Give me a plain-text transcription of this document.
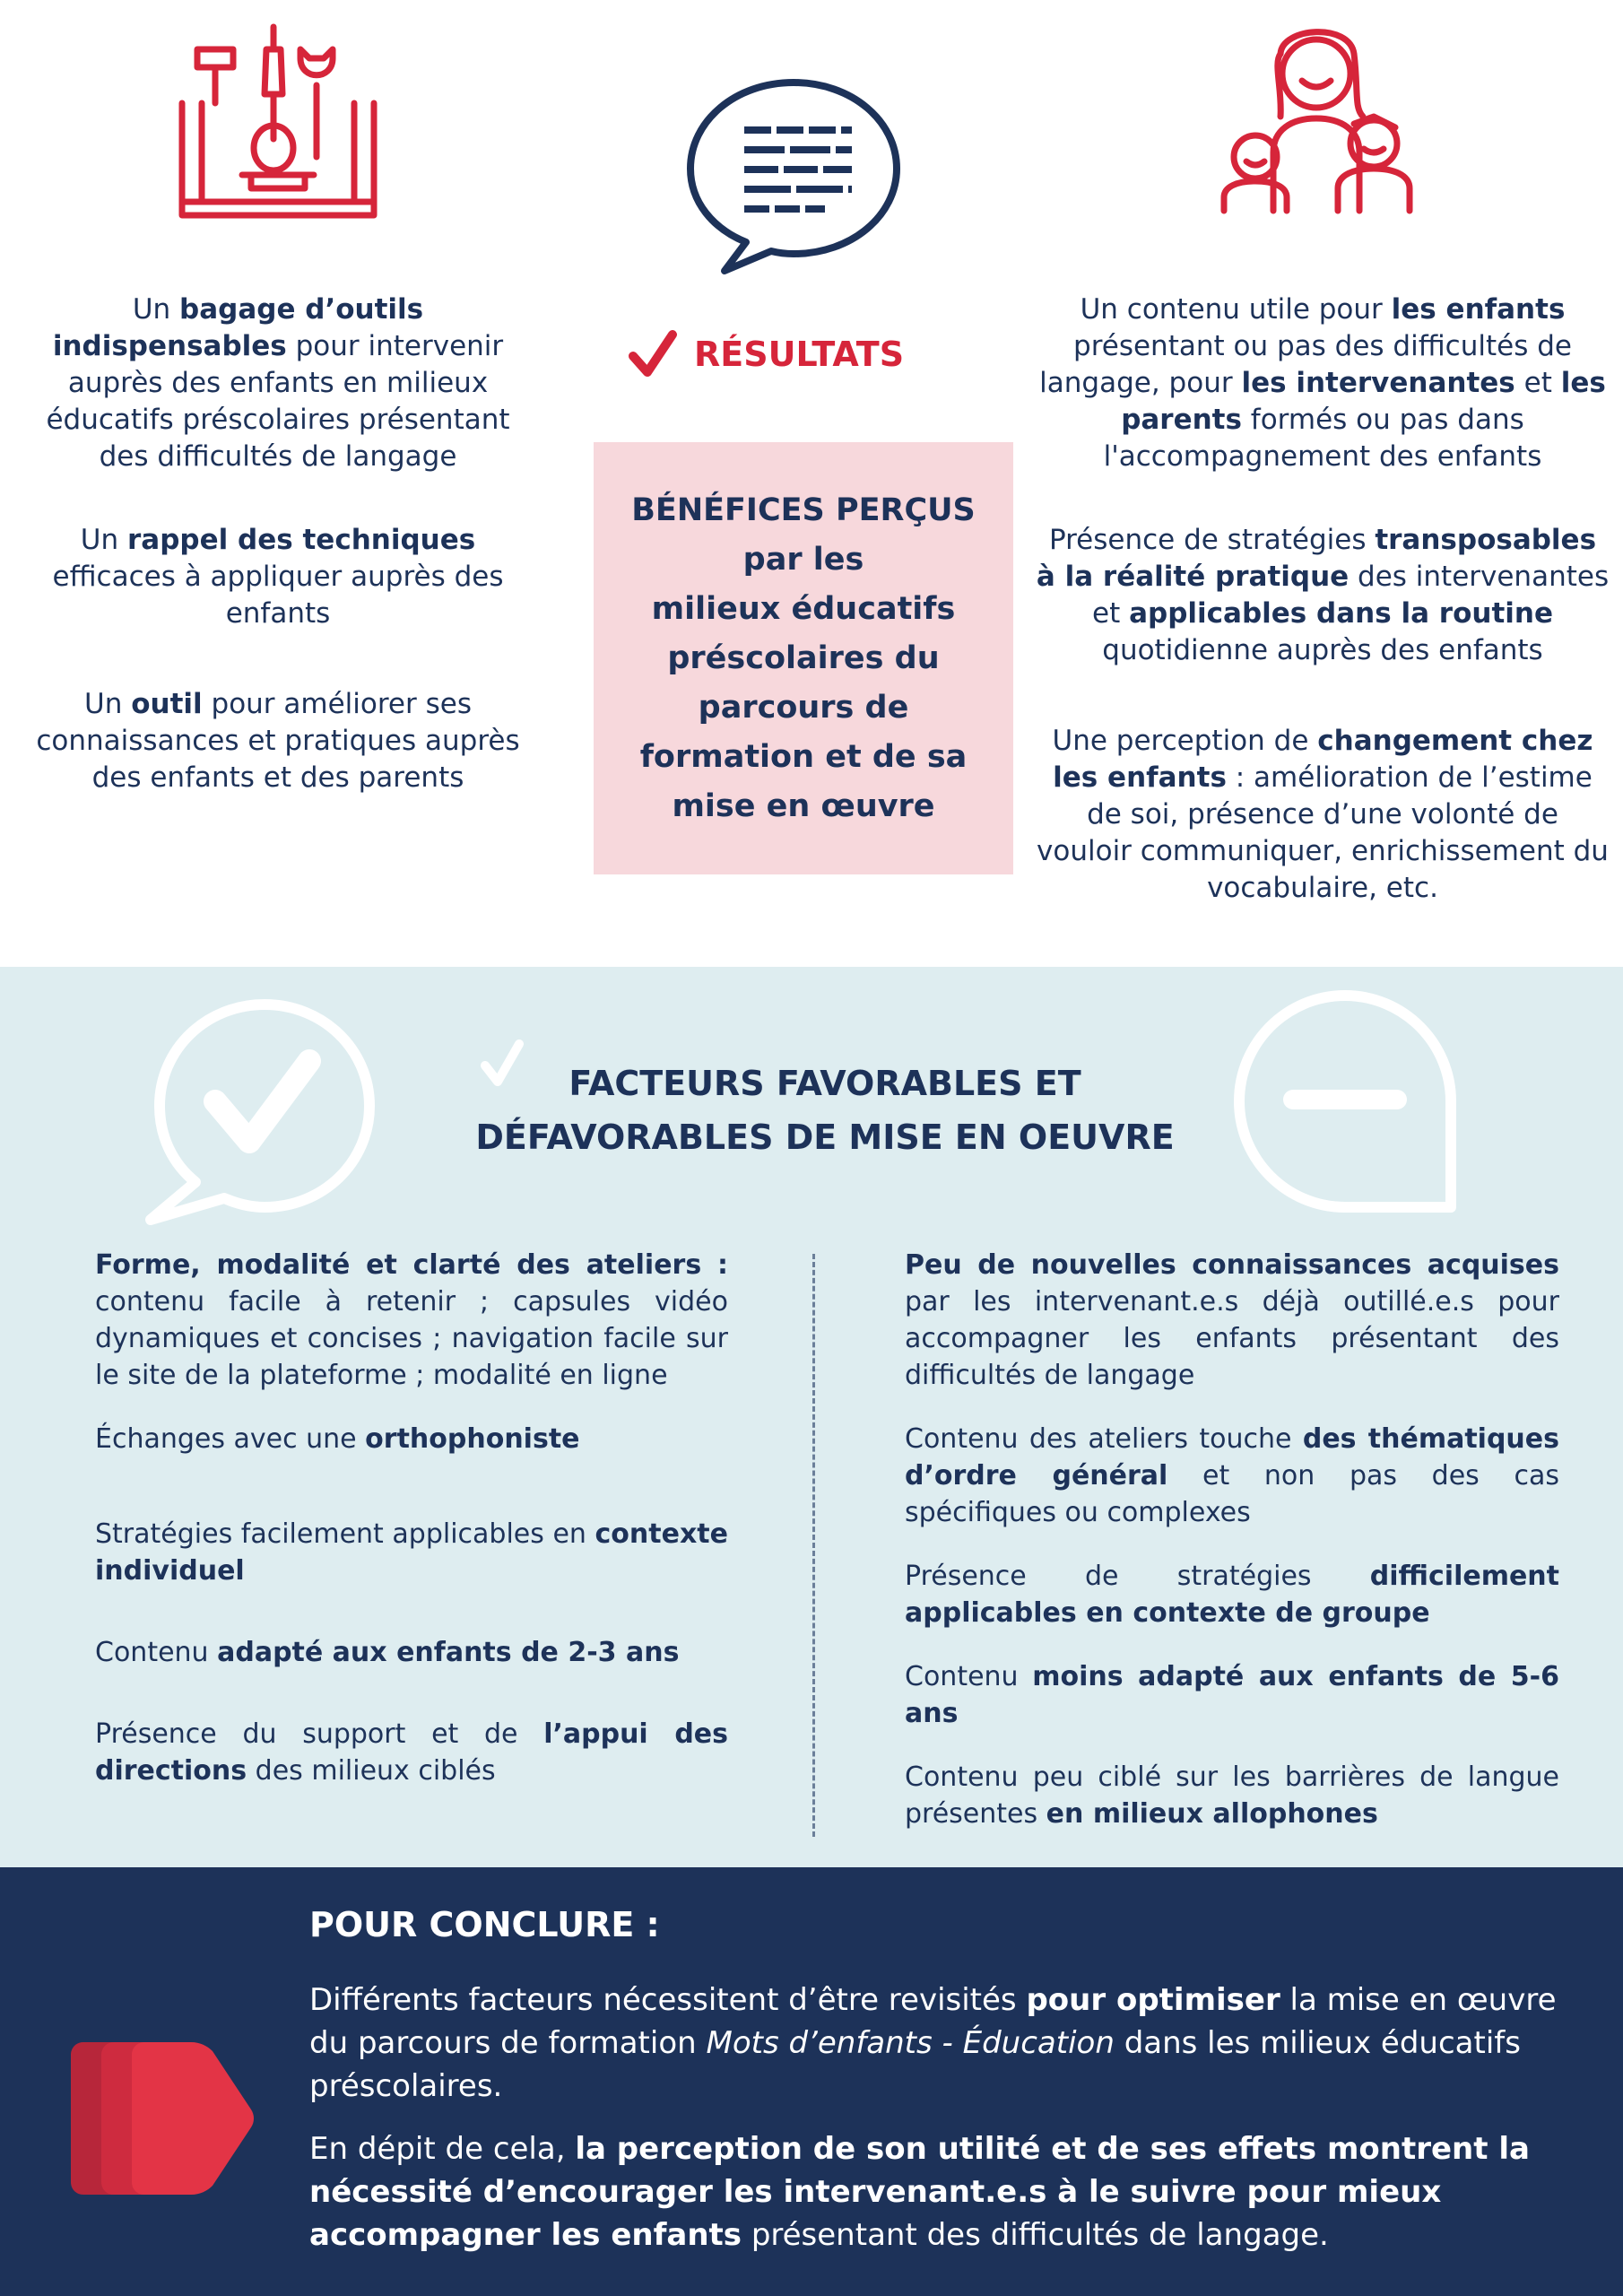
Un bagage d’outils indispensables pour intervenir auprès des enfants en milieux éducatifs préscolaires présentant des difficultés de langage

Un rappel des techniques efficaces à appliquer auprès des enfants

Un outil pour améliorer ses connaissances et pratiques auprès des enfants et des parents

RÉSULTATS
BÉNÉFICES PERÇUS
par les
milieux éducatifs
préscolaires du
parcours de
formation et de sa
mise en œuvre

Un contenu utile pour les enfants présentant ou pas des difficultés de langage, pour les intervenantes et les parents formés ou pas dans l'accompagnement des enfants

Présence de stratégies transposables à la réalité pratique des intervenantes et applicables dans la routine quotidienne auprès des enfants

Une perception de changement chez les enfants : amélioration de l’estime de soi, présence d’une volonté de vouloir communiquer, enrichissement du vocabulaire, etc.

FACTEURS FAVORABLES ET
DÉFAVORABLES DE MISE EN OEUVRE

Forme, modalité et clarté des ateliers : contenu facile à retenir ; capsules vidéo dynamiques et concises ; navigation facile sur le site de la plateforme ; modalité en ligne

Échanges avec une orthophoniste

Stratégies facilement applicables en contexte individuel

Contenu adapté aux enfants de 2-3 ans

Présence du support et de l’appui des directions des milieux ciblés

Peu de nouvelles connaissances acquises par les intervenant.e.s déjà outillé.e.s pour accompagner les enfants présentant des difficultés de langage

Contenu des ateliers touche des thématiques d’ordre général et non pas des cas spécifiques ou complexes

Présence de stratégies difficilement applicables en contexte de groupe

Contenu moins adapté aux enfants de 5-6 ans

Contenu peu ciblé sur les barrières de langue présentes en milieux allophones

POUR CONCLURE :

Différents facteurs nécessitent d’être revisités pour optimiser la mise en œuvre du parcours de formation Mots d’enfants - Éducation dans les milieux éducatifs préscolaires.

En dépit de cela, la perception de son utilité et de ses effets montrent la nécessité d’encourager les intervenant.e.s à le suivre pour mieux accompagner les enfants présentant des difficultés de langage.
